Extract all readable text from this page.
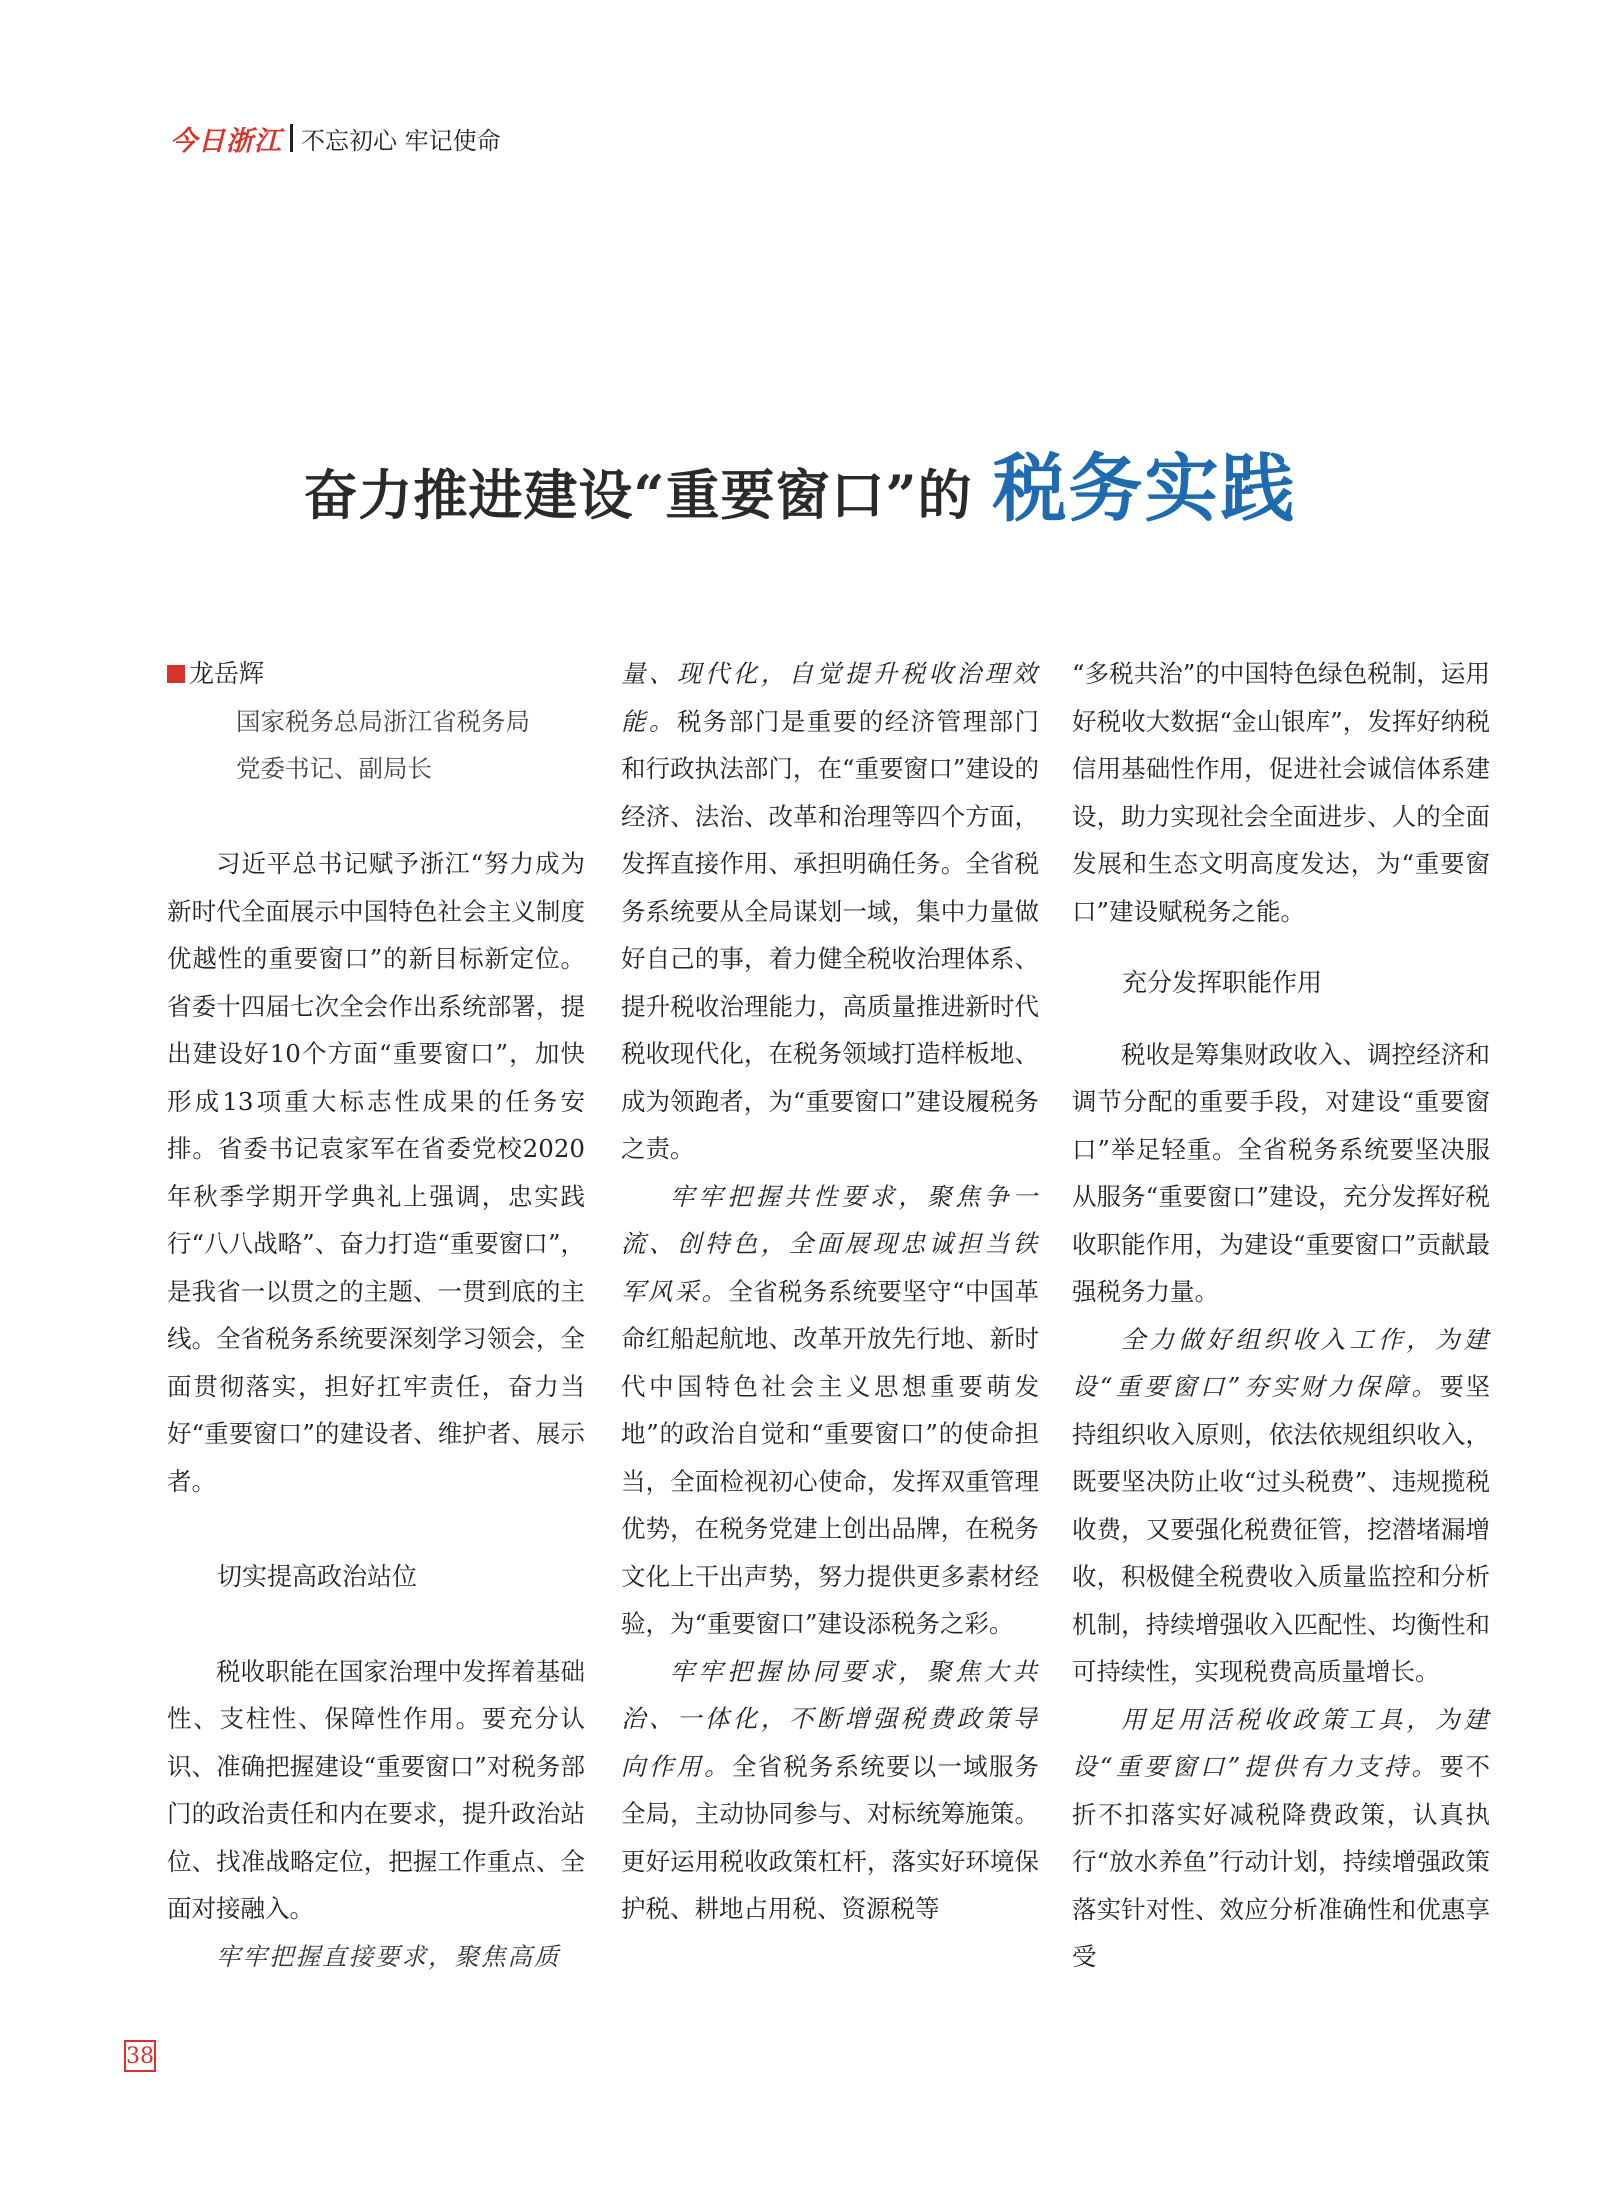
今日浙江 不忘初心 牢记使命
奋力推进建设“重要窗口”的 税务实践
龙岳辉

国家税务总局浙江省税务局

党委书记、副局长

习近平总书记赋予浙江“努力成为新时代全面展示中国特色社会主义制度优越性的重要窗口”的新目标新定位。省委十四届七次全会作出系统部署，提出建设好10个方面“重要窗口”，加快形成13项重大标志性成果的任务安排。省委书记袁家军在省委党校2020年秋季学期开学典礼上强调，忠实践行“八八战略”、奋力打造“重要窗口”，是我省一以贯之的主题、一贯到底的主线。全省税务系统要深刻学习领会，全面贯彻落实，担好扛牢责任，奋力当好“重要窗口”的建设者、维护者、展示者。

切实提高政治站位

税收职能在国家治理中发挥着基础性、支柱性、保障性作用。要充分认识、准确把握建设“重要窗口”对税务部门的政治责任和内在要求，提升政治站位、找准战略定位，把握工作重点、全面对接融入。

牢牢把握直接要求，聚焦高质

量、现代化，自觉提升税收治理效能。税务部门是重要的经济管理部门和行政执法部门，在“重要窗口”建设的经济、法治、改革和治理等四个方面，发挥直接作用、承担明确任务。全省税务系统要从全局谋划一域，集中力量做好自己的事，着力健全税收治理体系、提升税收治理能力，高质量推进新时代税收现代化，在税务领域打造样板地、成为领跑者，为“重要窗口”建设履税务之责。

牢牢把握共性要求，聚焦争一流、创特色，全面展现忠诚担当铁军风采。全省税务系统要坚守“中国革命红船起航地、改革开放先行地、新时代中国特色社会主义思想重要萌发地”的政治自觉和“重要窗口”的使命担当，全面检视初心使命，发挥双重管理优势，在税务党建上创出品牌，在税务文化上干出声势，努力提供更多素材经验，为“重要窗口”建设添税务之彩。

牢牢把握协同要求，聚焦大共治、一体化，不断增强税费政策导向作用。全省税务系统要以一域服务全局，主动协同参与、对标统筹施策。更好运用税收政策杠杆，落实好环境保护税、耕地占用税、资源税等

“多税共治”的中国特色绿色税制，运用好税收大数据“金山银库”，发挥好纳税信用基础性作用，促进社会诚信体系建设，助力实现社会全面进步、人的全面发展和生态文明高度发达，为“重要窗口”建设赋税务之能。

充分发挥职能作用

税收是筹集财政收入、调控经济和调节分配的重要手段，对建设“重要窗口”举足轻重。全省税务系统要坚决服从服务“重要窗口”建设，充分发挥好税收职能作用，为建设“重要窗口”贡献最强税务力量。

全力做好组织收入工作，为建设“重要窗口”夯实财力保障。要坚持组织收入原则，依法依规组织收入，既要坚决防止收“过头税费”、违规揽税收费，又要强化税费征管，挖潜堵漏增收，积极健全税费收入质量监控和分析机制，持续增强收入匹配性、均衡性和可持续性，实现税费高质量增长。

用足用活税收政策工具，为建设“重要窗口”提供有力支持。要不折不扣落实好减税降费政策，认真执行“放水养鱼”行动计划，持续增强政策落实针对性、效应分析准确性和优惠享受

38
